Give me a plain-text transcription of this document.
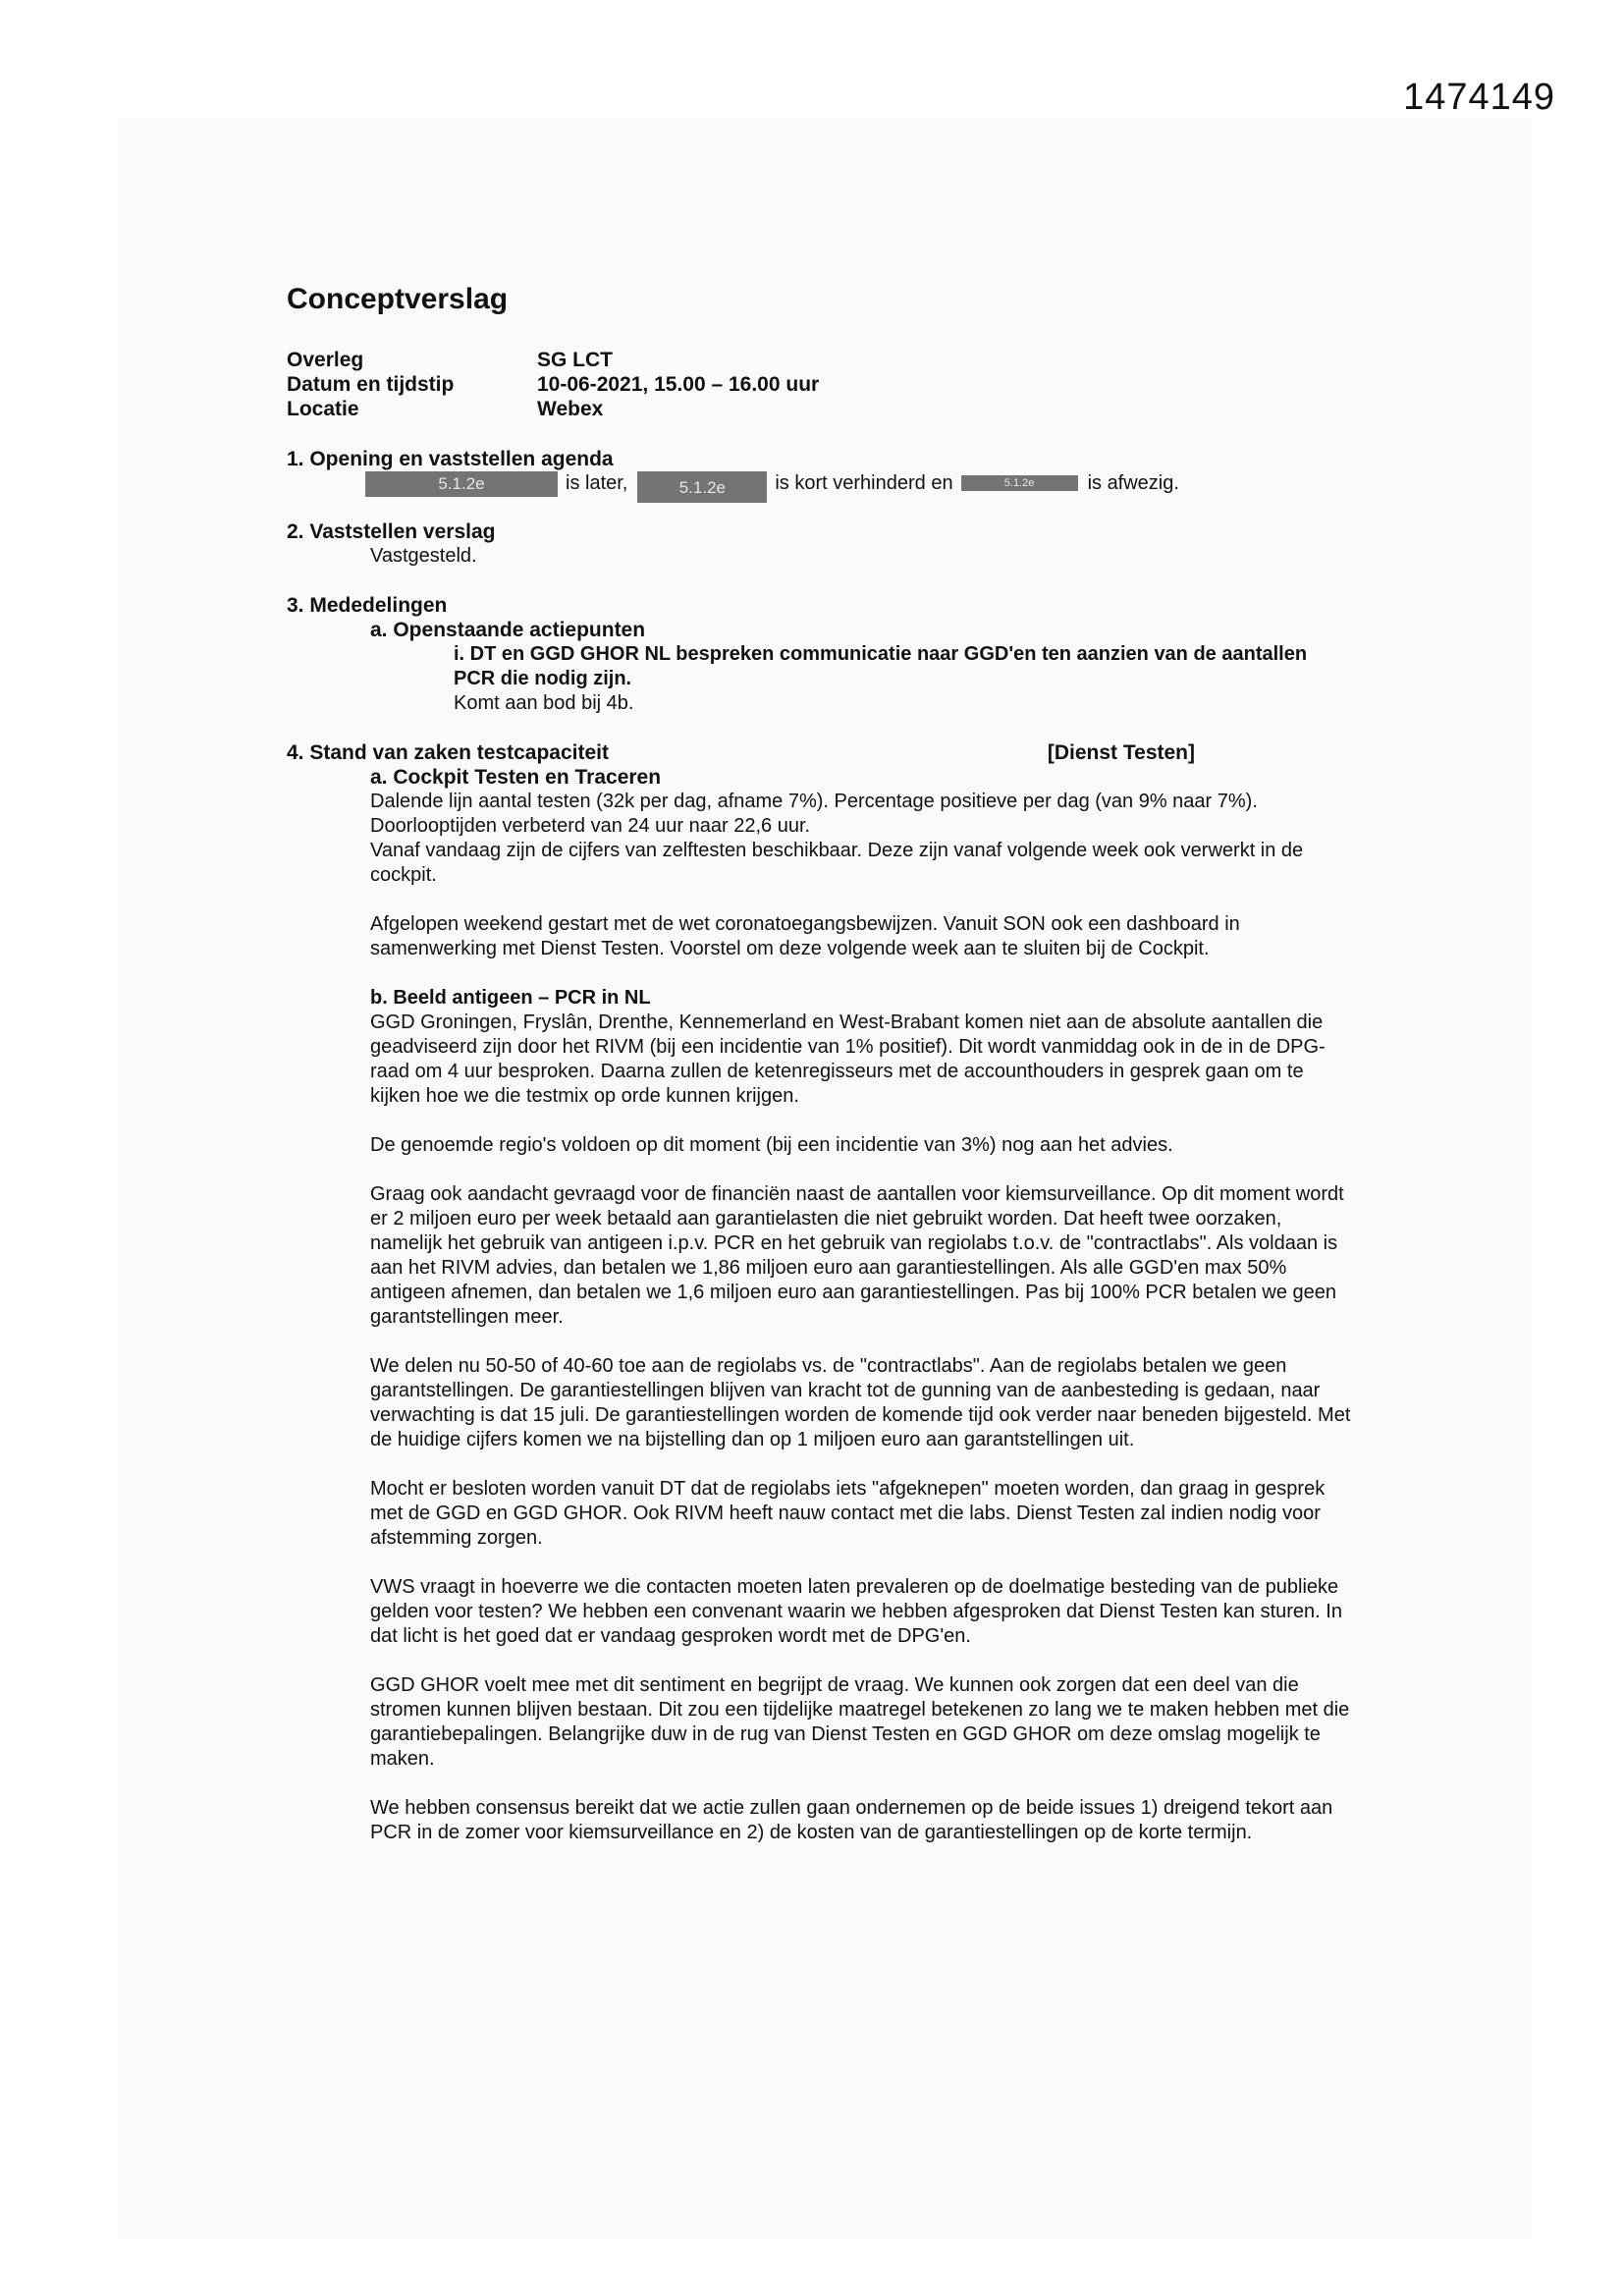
1474149
Conceptverslag
Overleg	SG LCT
Datum en tijdstip	10-06-2021, 15.00 – 16.00 uur
Locatie	Webex
1. Opening en vaststellen agenda
5.1.2e	is later,	5.1.2e	is kort verhinderd en	5.1.2e	is afwezig.
2. Vaststellen verslag
Vastgesteld.
3. Mededelingen
a. Openstaande actiepunten
i. DT en GGD GHOR NL bespreken communicatie naar GGD'en ten aanzien van de aantallen PCR die nodig zijn.
Komt aan bod bij 4b.
4. Stand van zaken testcapaciteit	[Dienst Testen]
a. Cockpit Testen en Traceren

Dalende lijn aantal testen (32k per dag, afname 7%). Percentage positieve per dag (van 9% naar 7%).

Doorlooptijden verbeterd van 24 uur naar 22,6 uur.

Vanaf vandaag zijn de cijfers van zelftesten beschikbaar. Deze zijn vanaf volgende week ook verwerkt in de cockpit.

Afgelopen weekend gestart met de wet coronatoegangsbewijzen. Vanuit SON ook een dashboard in samenwerking met Dienst Testen. Voorstel om deze volgende week aan te sluiten bij de Cockpit.

b. Beeld antigeen – PCR in NL

GGD Groningen, Fryslân, Drenthe, Kennemerland en West-Brabant komen niet aan de absolute aantallen die geadviseerd zijn door het RIVM (bij een incidentie van 1% positief). Dit wordt vanmiddag ook in de in de DPG-raad om 4 uur besproken. Daarna zullen de ketenregisseurs met de accounthouders in gesprek gaan om te kijken hoe we die testmix op orde kunnen krijgen.

De genoemde regio's voldoen op dit moment (bij een incidentie van 3%) nog aan het advies.

Graag ook aandacht gevraagd voor de financiën naast de aantallen voor kiemsurveillance. Op dit moment wordt er 2 miljoen euro per week betaald aan garantielasten die niet gebruikt worden. Dat heeft twee oorzaken, namelijk het gebruik van antigeen i.p.v. PCR en het gebruik van regiolabs t.o.v. de "contractlabs". Als voldaan is aan het RIVM advies, dan betalen we 1,86 miljoen euro aan garantiestellingen. Als alle GGD'en max 50% antigeen afnemen, dan betalen we 1,6 miljoen euro aan garantiestellingen. Pas bij 100% PCR betalen we geen garantstellingen meer.

We delen nu 50-50 of 40-60 toe aan de regiolabs vs. de "contractlabs". Aan de regiolabs betalen we geen garantstellingen. De garantiestellingen blijven van kracht tot de gunning van de aanbesteding is gedaan, naar verwachting is dat 15 juli. De garantiestellingen worden de komende tijd ook verder naar beneden bijgesteld. Met de huidige cijfers komen we na bijstelling dan op 1 miljoen euro aan garantstellingen uit.

Mocht er besloten worden vanuit DT dat de regiolabs iets "afgeknepen" moeten worden, dan graag in gesprek met de GGD en GGD GHOR. Ook RIVM heeft nauw contact met die labs. Dienst Testen zal indien nodig voor afstemming zorgen.

VWS vraagt in hoeverre we die contacten moeten laten prevaleren op de doelmatige besteding van de publieke gelden voor testen? We hebben een convenant waarin we hebben afgesproken dat Dienst Testen kan sturen. In dat licht is het goed dat er vandaag gesproken wordt met de DPG'en.

GGD GHOR voelt mee met dit sentiment en begrijpt de vraag. We kunnen ook zorgen dat een deel van die stromen kunnen blijven bestaan. Dit zou een tijdelijke maatregel betekenen zo lang we te maken hebben met die garantiebepalingen. Belangrijke duw in de rug van Dienst Testen en GGD GHOR om deze omslag mogelijk te maken.

We hebben consensus bereikt dat we actie zullen gaan ondernemen op de beide issues 1) dreigend tekort aan PCR in de zomer voor kiemsurveillance en 2) de kosten van de garantiestellingen op de korte termijn.
